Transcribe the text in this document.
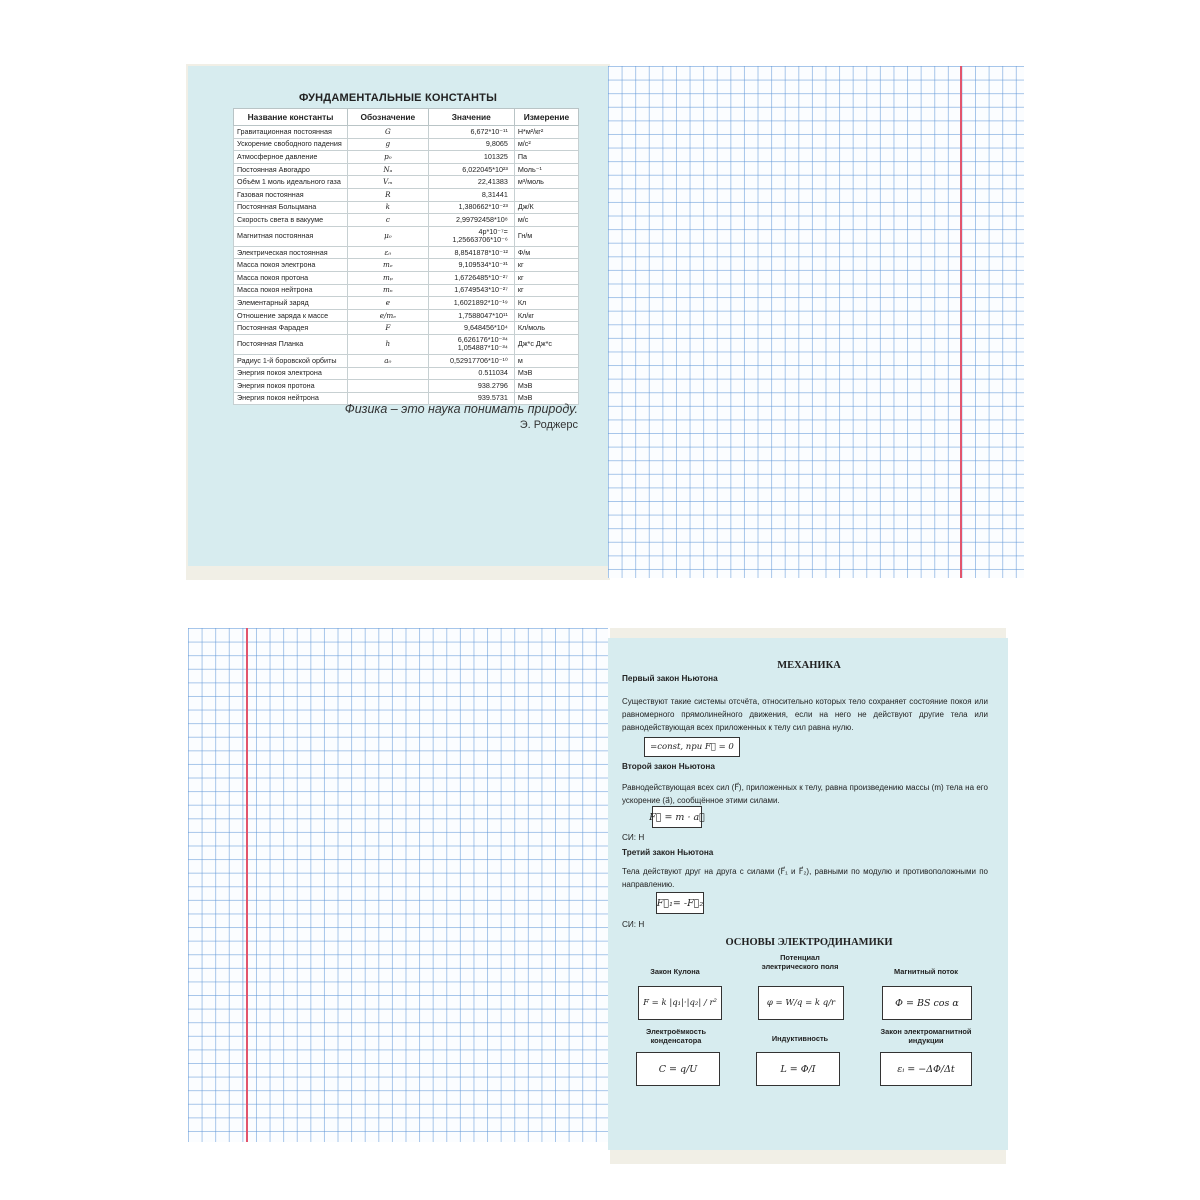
ФУНДАМЕНТАЛЬНЫЕ КОНСТАНТЫ
Название константы	Обозначение	Значение	Измерение
Гравитационная постоянная	G	6,672*10⁻¹¹	Н*м²/кг²
Ускорение свободного падения	g	9,8065	м/с²
Атмосферное давление	p₀	101325	Па
Постоянная Авогадро	Nₐ	6,022045*10²³	Моль⁻¹
Объём 1 моль идеального газа	Vₘ	22,41383	м³/моль
Газовая постоянная	R	8,31441	
Постоянная Больцмана	k	1,380662*10⁻²³	Дж/К
Скорость света в вакууме	c	2,99792458*10⁸	м/с
Магнитная постоянная	μ₀	4p*10⁻⁷= 1,25663706*10⁻⁶	Гн/м
Электрическая постоянная	ε₀	8,8541878*10⁻¹²	Ф/м
Масса покоя электрона	mₑ	9,109534*10⁻³¹	кг
Масса покоя протона	mₚ	1,6726485*10⁻²⁷	кг
Масса покоя нейтрона	mₙ	1,6749543*10⁻²⁷	кг
Элементарный заряд	e	1,6021892*10⁻¹⁹	Кл
Отношение заряда к массе	e/mₑ	1,7588047*10¹¹	Кл/кг
Постоянная Фарадея	F	9,648456*10⁴	Кл/моль
Постоянная Планка	h	6,626176*10⁻³⁴ 1,054887*10⁻³⁴	Дж*с Дж*с
Радиус 1-й боровской орбиты	a₀	0,52917706*10⁻¹⁰	м
Энергия покоя электрона		0.511034	МэВ
Энергия покоя протона		938.2796	МэВ
Энергия покоя нейтрона		939.5731	МэВ
Физика – это наука понимать природу.
Э. Роджерс
МЕХАНИКА
Первый закон Ньютона
Существуют такие системы отсчёта, относительно которых тело сохраняет состояние покоя или равномерного прямолинейного движения, если на него не действуют другие тела или равнодействующая всех приложенных к телу сил равна нулю.
=const, при F⃗ = 0
Второй закон Ньютона
Равнодействующая всех сил (F⃗), приложенных к телу, равна произведению массы (m) тела на его ускорение (a⃗), сообщённое этими силами.
F⃗ = m · a⃗
СИ: Н
Третий закон Ньютона
Тела действуют друг на друга с силами (F⃗₁ и F⃗₂), равными по модулю и противоположными по направлению.
F⃗₁= -F⃗₂
СИ: Н
ОСНОВЫ ЭЛЕКТРОДИНАМИКИ
Закон Кулона
F = k |q₁|·|q₂| / r²
Потенциал электрического поля
φ = W/q = k q/r
Магнитный поток
Φ = BS cos α
Электроёмкость конденсатора
C = q/U
Индуктивность
L = Φ/I
Закон электромагнитной индукции
εᵢ = −ΔΦ/Δt
